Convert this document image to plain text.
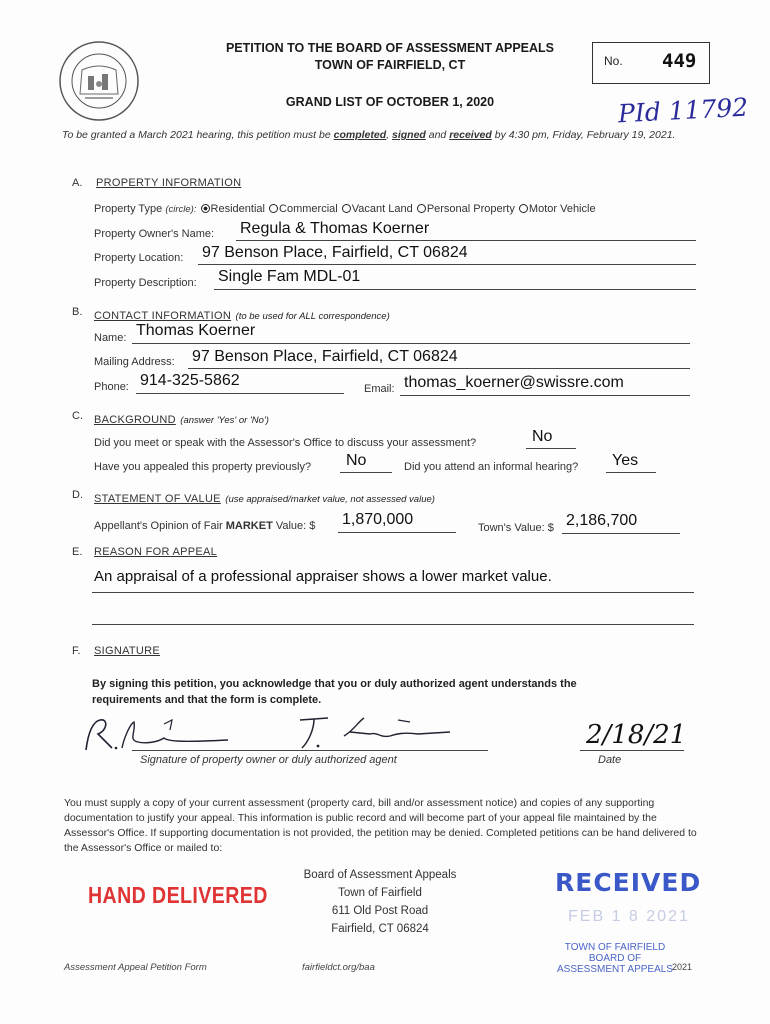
PETITION TO THE BOARD OF ASSESSMENT APPEALS
TOWN OF FAIRFIELD, CT
GRAND LIST OF OCTOBER 1, 2020
No. 449
PId 11792
To be granted a March 2021 hearing, this petition must be completed, signed and received by 4:30 pm, Friday, February 19, 2021.
A. PROPERTY INFORMATION
Property Type (circle): Residential Commercial Vacant Land Personal Property Motor Vehicle
Property Owner's Name: Regula & Thomas Koerner
Property Location: 97 Benson Place, Fairfield, CT 06824
Property Description: Single Fam MDL-01
B. CONTACT INFORMATION (to be used for ALL correspondence)
Name: Thomas Koerner
Mailing Address: 97 Benson Place, Fairfield, CT 06824
Phone: 914-325-5862	Email: thomas_koerner@swissre.com
C. BACKGROUND (answer 'Yes' or 'No')
Did you meet or speak with the Assessor's Office to discuss your assessment?	No
Have you appealed this property previously? No	Did you attend an informal hearing? Yes
D. STATEMENT OF VALUE (use appraised/market value, not assessed value)
Appellant's Opinion of Fair MARKET Value: $ 1,870,000	Town's Value: $ 2,186,700
E. REASON FOR APPEAL
An appraisal of a professional appraiser shows a lower market value.
F. SIGNATURE
By signing this petition, you acknowledge that you or duly authorized agent understands the requirements and that the form is complete.
Signature of property owner or duly authorized agent
2/18/21
Date
You must supply a copy of your current assessment (property card, bill and/or assessment notice) and copies of any supporting documentation to justify your appeal. This information is public record and will become part of your appeal file maintained by the Assessor's Office. If supporting documentation is not provided, the petition may be denied. Completed petitions can be hand delivered to the Assessor's Office or mailed to:
Board of Assessment Appeals
Town of Fairfield
611 Old Post Road
Fairfield, CT 06824
HAND DELIVERED	RECEIVED
FEB 1 8 2021
TOWN OF FAIRFIELD
BOARD OF
ASSESSMENT APPEALS
Assessment Appeal Petition Form	fairfieldct.org/baa	2021
